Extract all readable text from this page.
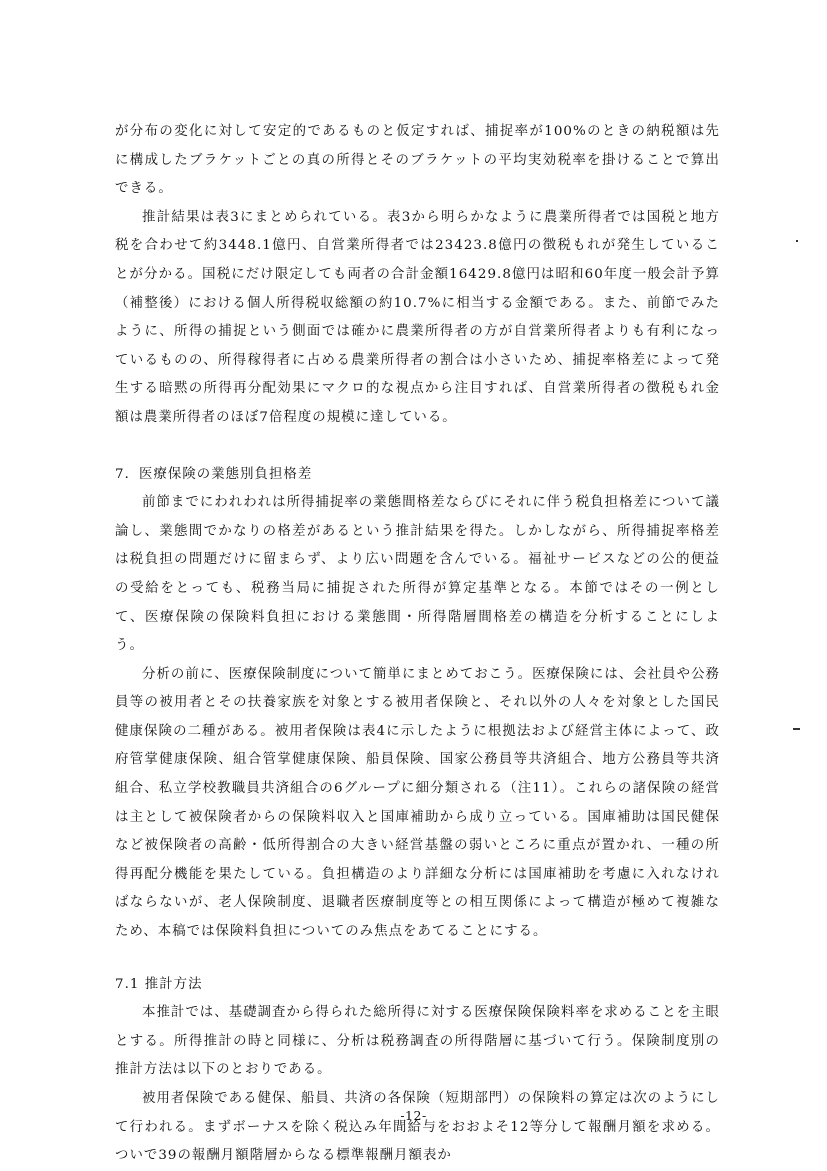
が分布の変化に対して安定的であるものと仮定すれば、捕捉率が100%のときの納税額は先に構成したブラケットごとの真の所得とそのブラケットの平均実効税率を掛けることで算出できる。

推計結果は表3にまとめられている。表3から明らかなように農業所得者では国税と地方税を合わせて約3448.1億円、自営業所得者では23423.8億円の徴税もれが発生していることが分かる。国税にだけ限定しても両者の合計金額16429.8億円は昭和60年度一般会計予算（補整後）における個人所得税収総額の約10.7%に相当する金額である。また、前節でみたように、所得の捕捉という側面では確かに農業所得者の方が自営業所得者よりも有利になっているものの、所得稼得者に占める農業所得者の割合は小さいため、捕捉率格差によって発生する暗黙の所得再分配効果にマクロ的な視点から注目すれば、自営業所得者の徴税もれ金額は農業所得者のほぼ7倍程度の規模に達している。

7．医療保険の業態別負担格差

前節までにわれわれは所得捕捉率の業態間格差ならびにそれに伴う税負担格差について議論し、業態間でかなりの格差があるという推計結果を得た。しかしながら、所得捕捉率格差は税負担の問題だけに留まらず、より広い問題を含んでいる。福祉サービスなどの公的便益の受給をとっても、税務当局に捕捉された所得が算定基準となる。本節ではその一例として、医療保険の保険料負担における業態間・所得階層間格差の構造を分析することにしよう。

分析の前に、医療保険制度について簡単にまとめておこう。医療保険には、会社員や公務員等の被用者とその扶養家族を対象とする被用者保険と、それ以外の人々を対象とした国民健康保険の二種がある。被用者保険は表4に示したように根拠法および経営主体によって、政府管掌健康保険、組合管掌健康保険、船員保険、国家公務員等共済組合、地方公務員等共済組合、私立学校教職員共済組合の6グループに細分類される（注11）。これらの諸保険の経営は主として被保険者からの保険料収入と国庫補助から成り立っている。国庫補助は国民健保など被保険者の高齢・低所得割合の大きい経営基盤の弱いところに重点が置かれ、一種の所得再配分機能を果たしている。負担構造のより詳細な分析には国庫補助を考慮に入れなければならないが、老人保険制度、退職者医療制度等との相互関係によって構造が極めて複雑なため、本稿では保険料負担についてのみ焦点をあてることにする。

7.1 推計方法

本推計では、基礎調査から得られた総所得に対する医療保険保険料率を求めることを主眼とする。所得推計の時と同様に、分析は税務調査の所得階層に基づいて行う。保険制度別の推計方法は以下のとおりである。

被用者保険である健保、船員、共済の各保険（短期部門）の保険料の算定は次のようにして行われる。まずボーナスを除く税込み年間給与をおおよそ12等分して報酬月額を求める。ついで39の報酬月額階層からなる標準報酬月額表か

-12-
